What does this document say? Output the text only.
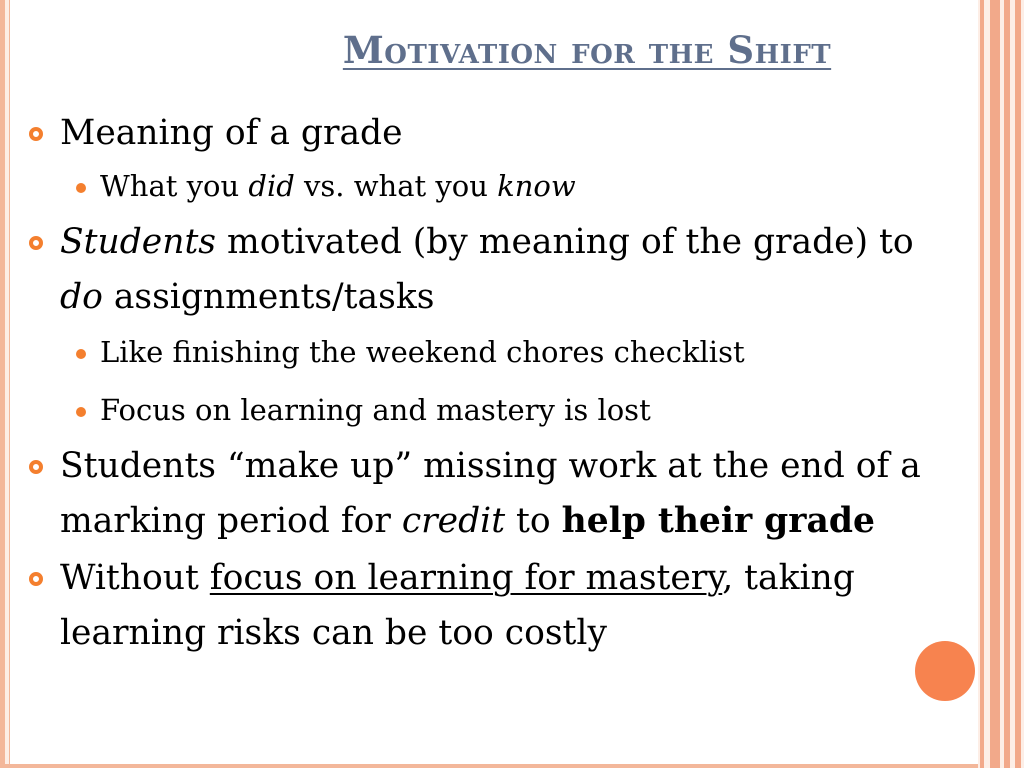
Motivation for the Shift
Meaning of a grade
What you did vs. what you know
Students motivated (by meaning of the grade) to do assignments/tasks
Like finishing the weekend chores checklist
Focus on learning and mastery is lost
Students “make up” missing work at the end of a marking period for credit to help their grade
Without focus on learning for mastery, taking learning risks can be too costly
